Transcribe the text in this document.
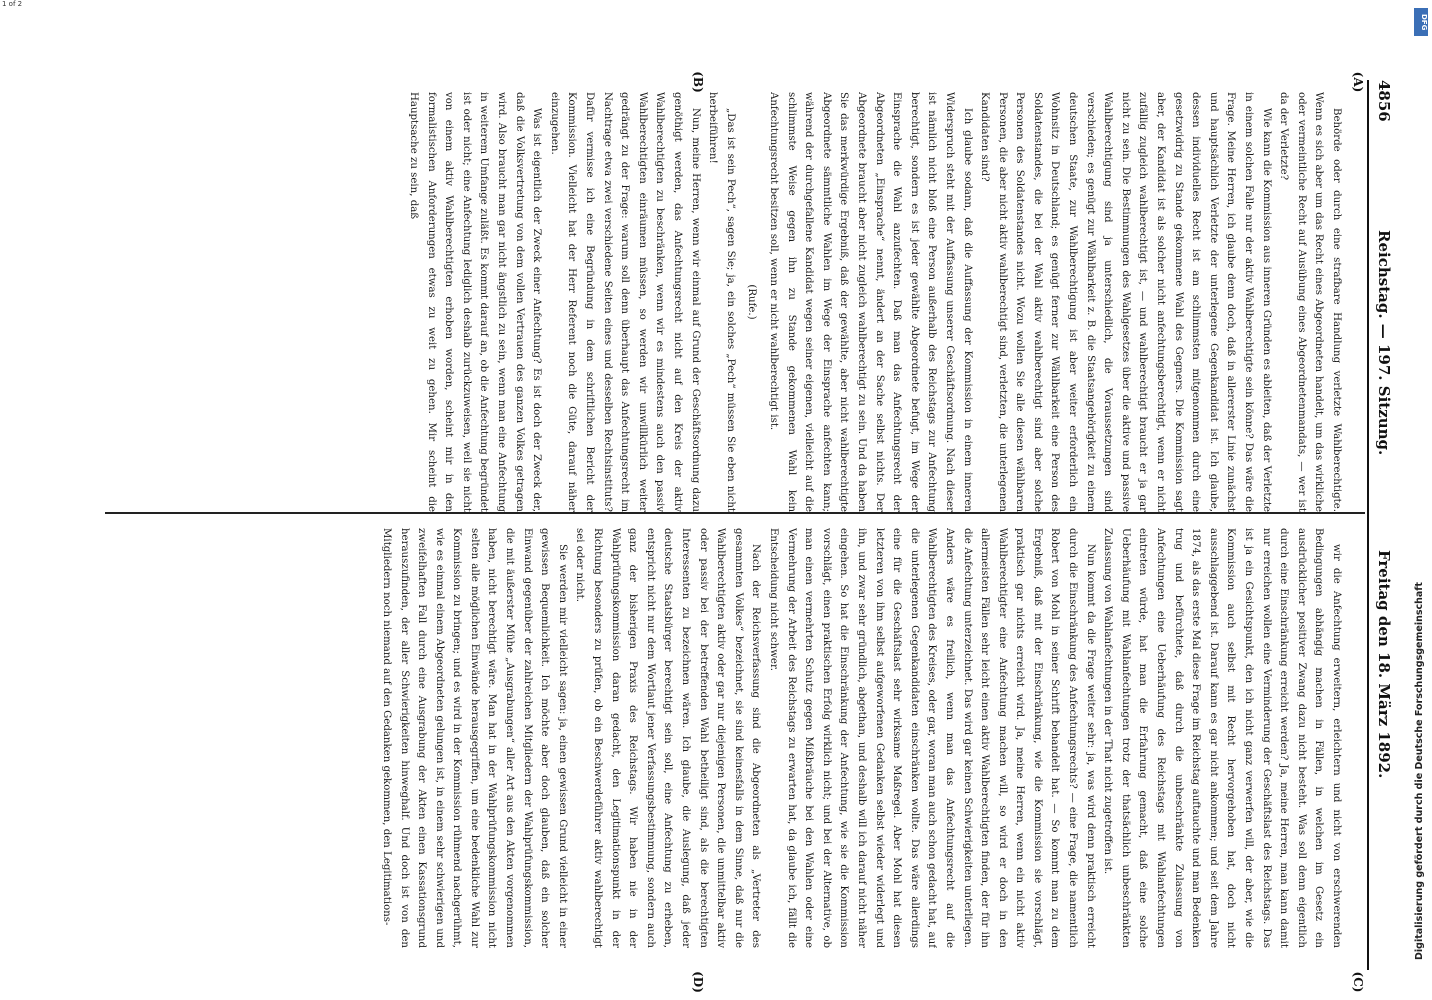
4856
Reichstag. — 197. Sitzung.
Freitag den 18. März 1892.
(A)
(B)
(C)
(D)

Behörde oder durch eine strafbare Handlung verletzte Wahlberechtigte. Wenn es sich aber um das Recht eines Abgeordneten handelt, um das wirkliche oder vermeintliche Recht auf Ausübung eines Abgeordnetenmandats, — wer ist da der Verletzte?

Wie kann die Kommission aus inneren Gründen es ableiten, daß der Verletzte in einem solchen Falle nur der aktiv Wahlberechtigte sein könne? Das wäre die Frage. Meine Herren, ich glaube denn doch, daß in allererster Linie zunächst und hauptsächlich Verletzte der unterlegene Gegenkandidat ist. Ich glaube, dessen individuelles Recht ist am schlimmsten mitgenommen durch eine gesetzwidrig zu Stande gekommene Wahl des Gegners. Die Kommission sagt aber, der Kandidat ist als solcher nicht anfechtungsberechtigt, wenn er nicht zufällig zugleich wahlberechtigt ist, — und wahlberechtigt braucht er ja gar nicht zu sein. Die Bestimmungen des Wahlgesetzes über die aktive und passive Wahlberechtigung sind ja unterschiedlich, die Voraussetzungen sind verschieden; es genügt zur Wählbarkeit z. B. die Staatsangehörigkeit zu einem deutschen Staate, zur Wahlberechtigung ist aber weiter erforderlich ein Wohnsitz in Deutschland; es genügt ferner zur Wählbarkeit eine Person des Soldatenstandes, die bei der Wahl aktiv wahlberechtigt sind aber solche Personen des Soldatenstandes nicht. Wozu wollen Sie alle diesen wählbaren Personen, die aber nicht aktiv wahlberechtigt sind, verletzten, die unterlegenen Kandidaten sind?

Ich glaube sodann, daß die Auffassung der Kommission in einem inneren Widerspruch steht mit der Auffassung unserer Geschäftsordnung. Nach dieser ist nämlich nicht bloß eine Person außerhalb des Reichstags zur Anfechtung berechtigt, sondern es ist jeder gewählte Abgeordnete befugt, im Wege der Einsprache die Wahl anzufechten. Daß man das Anfechtungsrecht der Abgeordneten „Einsprache“ nennt, ändert an der Sache selbst nichts. Der Abgeordnete braucht aber nicht zugleich wahlberechtigt zu sein. Und da haben Sie das merkwürdige Ergebniß, daß der gewählte, aber nicht wahlberechtigte Abgeordnete sämmtliche Wahlen im Wege der Einsprache anfechten kann; während der durchgefallene Kandidat wegen seiner eigenen, vielleicht auf die schlimmste Weise gegen ihn zu Stande gekommenen Wahl kein Anfechtungsrecht besitzen soll, wenn er nicht wahlberechtigt ist.

(Rufe.)

„Das ist sein Pech“, sagen Sie; ja, ein solches „Pech“ müssen Sie eben nicht herbeiführen!

Nun, meine Herren, wenn wir einmal auf Grund der Geschäftsordnung dazu genöthigt werden, das Anfechtungsrecht nicht auf den Kreis der aktiv Wahlberechtigten zu beschränken, wenn wir es mindestens auch den passiv Wahlberechtigten einräumen müssen, so werden wir unwillkürlich weiter gedrängt zu der Frage: warum soll denn überhaupt das Anfechtungsrecht im Nachtrage etwa zwei verschiedene Seiten eines und desselben Rechtsinstituts? Dafür vermisse ich eine Begründung in dem schriftlichen Bericht der Kommission. Vielleicht hat der Herr Referent noch die Güte, darauf näher einzugehen.

Was ist eigentlich der Zweck einer Anfechtung? Es ist doch der Zweck der, daß die Volksvertretung von dem vollen Vertrauen des ganzen Volkes getragen wird. Also braucht man gar nicht ängstlich zu sein, wenn man eine Anfechtung in weiterem Umfange zuläßt. Es kommt darauf an, ob die Anfechtung begründet ist oder nicht; eine Anfechtung lediglich deshalb zurückzuweisen, weil sie nicht von einem aktiv Wahlberechtigten erhoben worden, scheint mir in den formalistischen Anforderungen etwas zu weit zu gehen. Mir scheint die Hauptsache zu sein, daß

wir die Anfechtung erweitern, erleichtern und nicht von erschwerenden Bedingungen abhängig machen in Fällen, in welchen im Gesetz ein ausdrücklicher positiver Zwang dazu nicht besteht. Was soll denn eigentlich durch eine Einschränkung erreicht werden? Ja, meine Herren, man kann damit nur erreichen wollen eine Verminderung der Geschäftslast des Reichstags. Das ist ja ein Gesichtspunkt, den ich nicht ganz verwerfen will, der aber, wie die Kommission auch selbst mit Recht hervorgehoben hat, doch nicht ausschlaggebend ist. Darauf kann es gar nicht ankommen; und seit dem Jahre 1874, als das erste Mal diese Frage im Reichstag auftauchte und man Bedenken trug und befürchtete, daß durch die unbeschränkte Zulassung von Anfechtungen eine Ueberhäufung des Reichstags mit Wahlanfechtungen eintreten würde, hat man die Erfahrung gemacht, daß eine solche Ueberhäufung mit Wahlanfechtungen trotz der thatsächlich unbeschränkten Zulassung von Wahlanfechtungen in der That nicht zugetroffen ist.

Nun kommt da die Frage weiter sehr: ja, was wird denn praktisch erreicht durch die Einschränkung des Anfechtungsrechts? — eine Frage, die namentlich Robert von Mohl in seiner Schrift behandelt hat. — So kommt man zu dem Ergebniß, daß mit der Einschränkung, wie die Kommission sie vorschlägt, praktisch gar nichts erreicht wird. Ja, meine Herren, wenn ein nicht aktiv Wahlberechtigter eine Anfechtung machen will, so wird er doch in den allermeisten Fällen sehr leicht einen aktiv Wahlberechtigten finden, der für ihn die Anfechtung unterzeichnet. Das wird gar keinen Schwierigkeiten unterliegen. Anders wäre es freilich, wenn man das Anfechtungsrecht auf die Wahlberechtigten des Kreises, oder gar, woran man auch schon gedacht hat, auf die unterlegenen Gegenkandidaten einschränken wollte. Das wäre allerdings eine für die Geschäftslast sehr wirksame Maßregel. Aber Mohl hat diesen letzteren von ihm selbst aufgeworfenen Gedanken selbst wieder widerlegt und ihn, und zwar sehr gründlich, abgethan, und deshalb will ich darauf nicht näher eingehen. So hat die Einschränkung der Anfechtung, wie sie die Kommission vorschlägt, einen praktischen Erfolg wirklich nicht; und bei der Alternative, ob man einen vermehrten Schutz gegen Mißbräuche bei den Wahlen oder eine Vermehrung der Arbeit des Reichstags zu erwarten hat, da glaube ich, fällt die Entscheidung nicht schwer.

Nach der Reichsverfassung sind die Abgeordneten als „Vertreter des gesammten Volkes“ bezeichnet, sie sind keinesfalls in dem Sinne, daß nur die Wahlberechtigten aktiv oder gar nur diejenigen Personen, die unmittelbar aktiv oder passiv bei der betreffenden Wahl betheiligt sind, als die berechtigten Interessenten zu bezeichnen wären. Ich glaube, die Auslegung, daß jeder deutsche Staatsbürger berechtigt sein soll, eine Anfechtung zu erheben, entspricht nicht nur dem Wortlaut jener Verfassungsbestimmung, sondern auch ganz der bisherigen Praxis des Reichstags. Wir haben nie in der Wahlprüfungskommission daran gedacht, den Legitimationspunkt in der Richtung besonders zu prüfen, ob ein Beschwerdeführer aktiv wahlberechtigt sei oder nicht.

Sie werden mir vielleicht sagen: ja, einen gewissen Grund vielleicht in einer gewissen Bequemlichkeit. Ich möchte aber doch glauben, daß ein solcher Einwand gegenüber der zahlreichen Mitgliedern der Wahlprüfungskommission, die mit äußerster Mühe „Ausgrabungen“ aller Art aus den Akten vorgenommen haben, nicht berechtigt wäre. Man hat in der Wahlprüfungskommission nicht selten alle möglichen Einwände herausgegriffen, um eine bedenkliche Wahl zur Kommission zu bringen; und es wird in der Kommission rühmend nachgerühmt, wie es einmal einem Abgeordneten gelungen ist, in einem sehr schwierigen und zweifelhaften Fall durch eine Ausgrabung der Akten einen Kassationsgrund herauszufinden, der aller Schwierigkeiten hinweghalf. Und doch ist von den Mitgliedern noch niemand auf den Gedanken gekommen, den Legitimations-	Digitalisierung gefördert durch die Deutsche Forschungsgemeinschaft
DFG
1 of 2
